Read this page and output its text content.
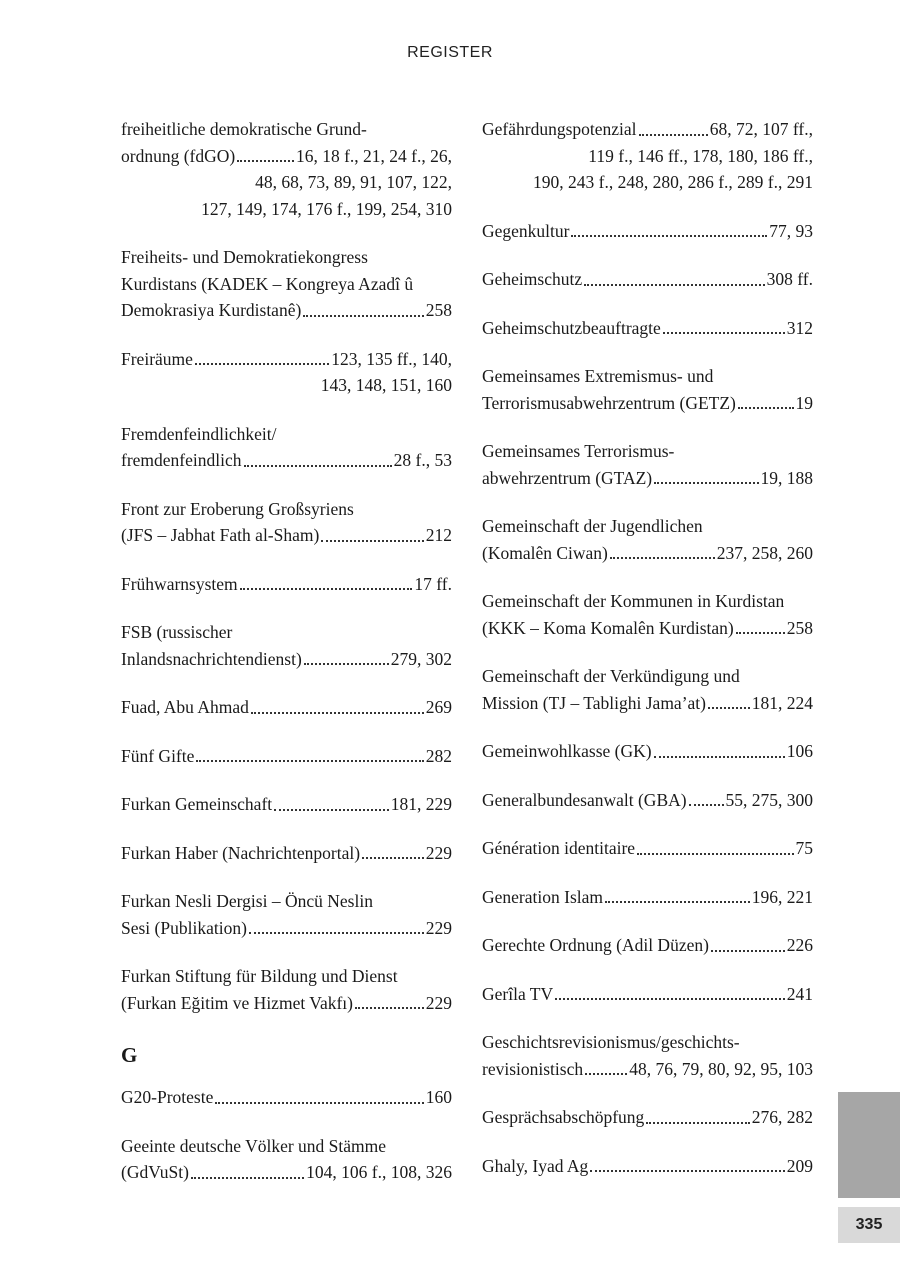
REGISTER
freiheitliche demokratische Grund-
ordnung (fdGO)	16, 18 f., 21, 24 f., 26,
48, 68, 73, 89, 91, 107, 122,
127, 149, 174, 176 f., 199, 254, 310
Freiheits- und Demokratiekongress
Kurdistans (KADEK – Kongreya Azadî û
Demokrasiya Kurdistanê)	258
Freiräume	123, 135 ff., 140,
143, 148, 151, 160
Fremdenfeindlichkeit/
fremdenfeindlich	28 f., 53
Front zur Eroberung Großsyriens
(JFS – Jabhat Fath al-Sham)	212
Frühwarnsystem	17 ff.
FSB (russischer
Inlandsnachrichtendienst)	279, 302
Fuad, Abu Ahmad	269
Fünf Gifte	282
Furkan Gemeinschaft	181, 229
Furkan Haber (Nachrichtenportal)	229
Furkan Nesli Dergisi – Öncü Neslin
Sesi (Publikation)	229
Furkan Stiftung für Bildung und Dienst
(Furkan Eğitim ve Hizmet Vakfı)	229
G
G20-Proteste	160
Geeinte deutsche Völker und Stämme
(GdVuSt)	104, 106 f., 108, 326
Gefährdungspotenzial	68, 72, 107 ff.,
119 f., 146 ff., 178, 180, 186 ff.,
190, 243 f., 248, 280, 286 f., 289 f., 291
Gegenkultur	77, 93
Geheimschutz	308 ff.
Geheimschutzbeauftragte	312
Gemeinsames Extremismus- und
Terrorismusabwehrzentrum (GETZ)	19
Gemeinsames Terrorismus-
abwehrzentrum (GTAZ)	19, 188
Gemeinschaft der Jugendlichen
(Komalên Ciwan)	237, 258, 260
Gemeinschaft der Kommunen in Kurdistan
(KKK – Koma Komalên Kurdistan)	258
Gemeinschaft der Verkündigung und
Mission (TJ – Tablighi Jama’at)	181, 224
Gemeinwohlkasse (GK)	106
Generalbundesanwalt (GBA) 55, 275, 300
Génération identitaire	75
Generation Islam	196, 221
Gerechte Ordnung (Adil Düzen)	226
Gerîla TV	241
Geschichtsrevisionismus/geschichts-
revisionistisch	48, 76, 79, 80, 92, 95, 103
Gesprächsabschöpfung	276, 282
Ghaly, Iyad Ag	209
335
